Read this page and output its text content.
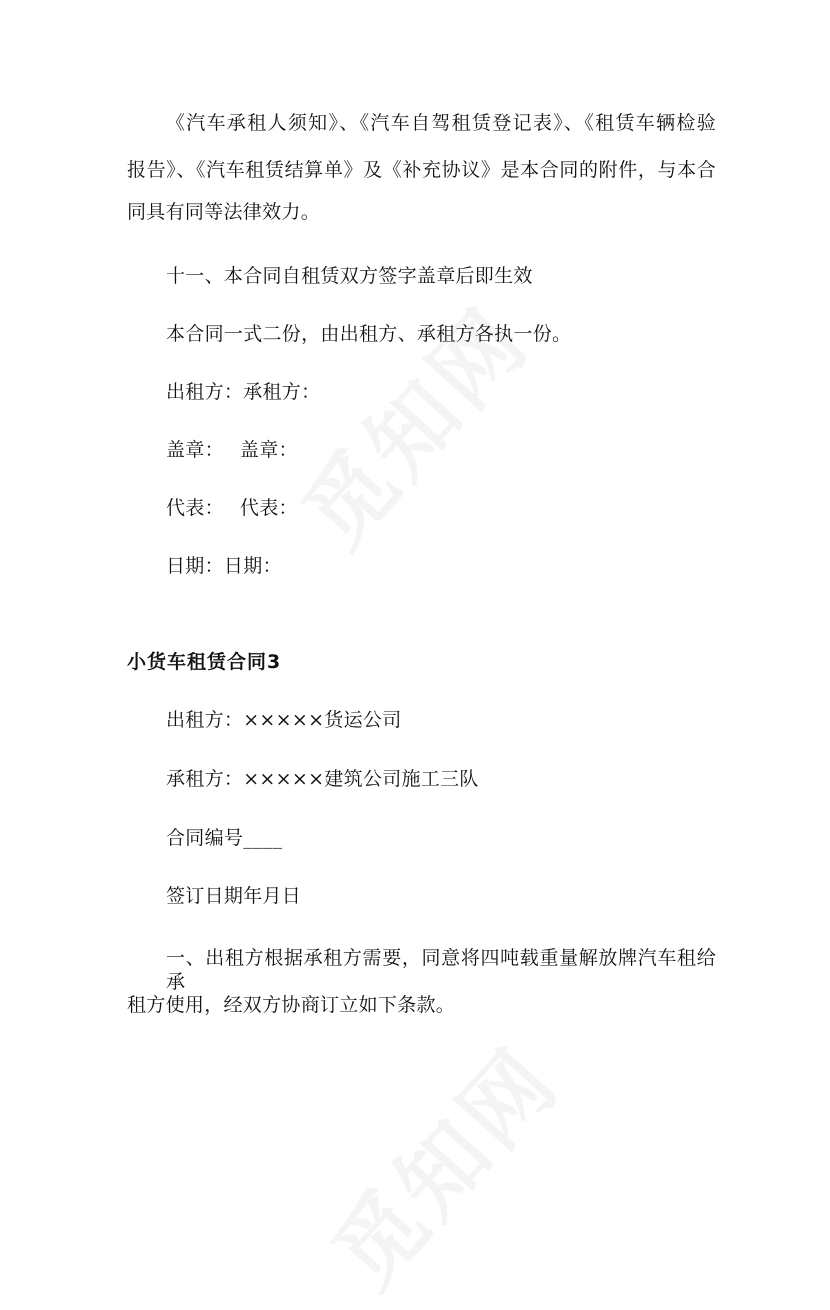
《汽车承租人须知》、《汽车自驾租赁登记表》、《租赁车辆检验

报告》、《汽车租赁结算单》及《补充协议》是本合同的附件，与本合

同具有同等法律效力。

十一、本合同自租赁双方签字盖章后即生效

本合同一式二份，由出租方、承租方各执一份。

出租方：承租方：

盖章： 盖章：

代表： 代表：

日期：日期：

小货车租赁合同3

出租方：×××××货运公司

承租方：×××××建筑公司施工三队

合同编号____

签订日期年月日

一、出租方根据承租方需要，同意将四吨载重量解放牌汽车租给承

租方使用，经双方协商订立如下条款。
